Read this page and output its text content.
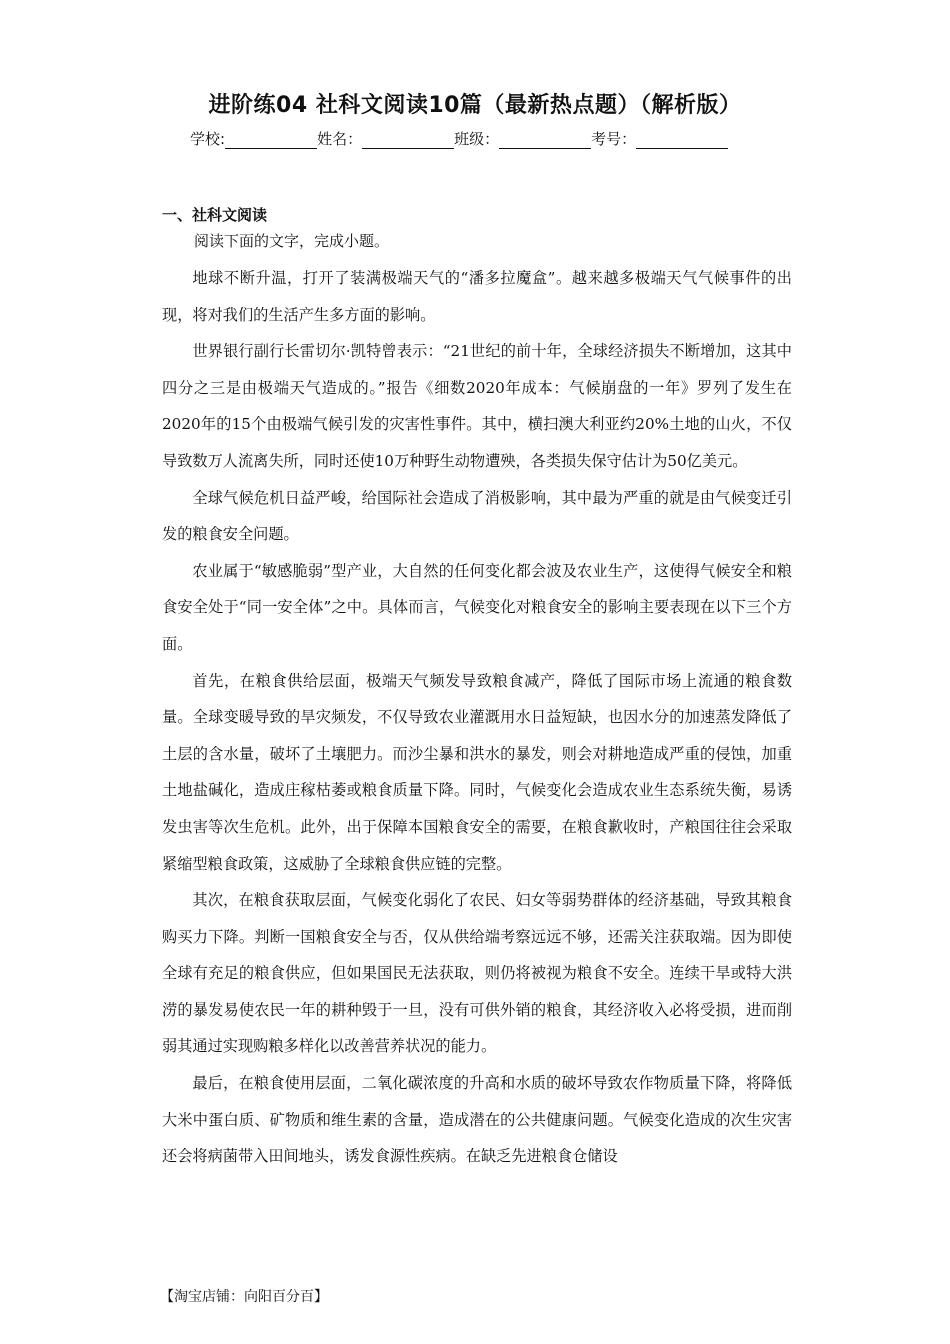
进阶练04 社科文阅读10篇（最新热点题）（解析版）
学校:	姓名：	班级：	考号：
一、社科文阅读
阅读下面的文字，完成小题。

地球不断升温，打开了装满极端天气的“潘多拉魔盒”。越来越多极端天气气候事件的出现，将对我们的生活产生多方面的影响。

世界银行副行长雷切尔·凯特曾表示：“21世纪的前十年，全球经济损失不断增加，这其中四分之三是由极端天气造成的。”报告《细数2020年成本：气候崩盘的一年》罗列了发生在2020年的15个由极端气候引发的灾害性事件。其中，横扫澳大利亚约20%土地的山火，不仅导致数万人流离失所，同时还使10万种野生动物遭殃，各类损失保守估计为50亿美元。

全球气候危机日益严峻，给国际社会造成了消极影响，其中最为严重的就是由气候变迁引发的粮食安全问题。

农业属于“敏感脆弱”型产业，大自然的任何变化都会波及农业生产，这使得气候安全和粮食安全处于“同一安全体”之中。具体而言，气候变化对粮食安全的影响主要表现在以下三个方面。

首先，在粮食供给层面，极端天气频发导致粮食减产，降低了国际市场上流通的粮食数量。全球变暖导致的旱灾频发，不仅导致农业灌溉用水日益短缺，也因水分的加速蒸发降低了土层的含水量，破坏了土壤肥力。而沙尘暴和洪水的暴发，则会对耕地造成严重的侵蚀，加重土地盐碱化，造成庄稼枯萎或粮食质量下降。同时，气候变化会造成农业生态系统失衡，易诱发虫害等次生危机。此外，出于保障本国粮食安全的需要，在粮食歉收时，产粮国往往会采取紧缩型粮食政策，这威胁了全球粮食供应链的完整。

其次，在粮食获取层面，气候变化弱化了农民、妇女等弱势群体的经济基础，导致其粮食购买力下降。判断一国粮食安全与否，仅从供给端考察远远不够，还需关注获取端。因为即使全球有充足的粮食供应，但如果国民无法获取，则仍将被视为粮食不安全。连续干旱或特大洪涝的暴发易使农民一年的耕种毁于一旦，没有可供外销的粮食，其经济收入必将受损，进而削弱其通过实现购粮多样化以改善营养状况的能力。

最后，在粮食使用层面，二氧化碳浓度的升高和水质的破坏导致农作物质量下降，将降低大米中蛋白质、矿物质和维生素的含量，造成潜在的公共健康问题。气候变化造成的次生灾害还会将病菌带入田间地头，诱发食源性疾病。在缺乏先进粮食仓储设

【淘宝店铺：向阳百分百】
